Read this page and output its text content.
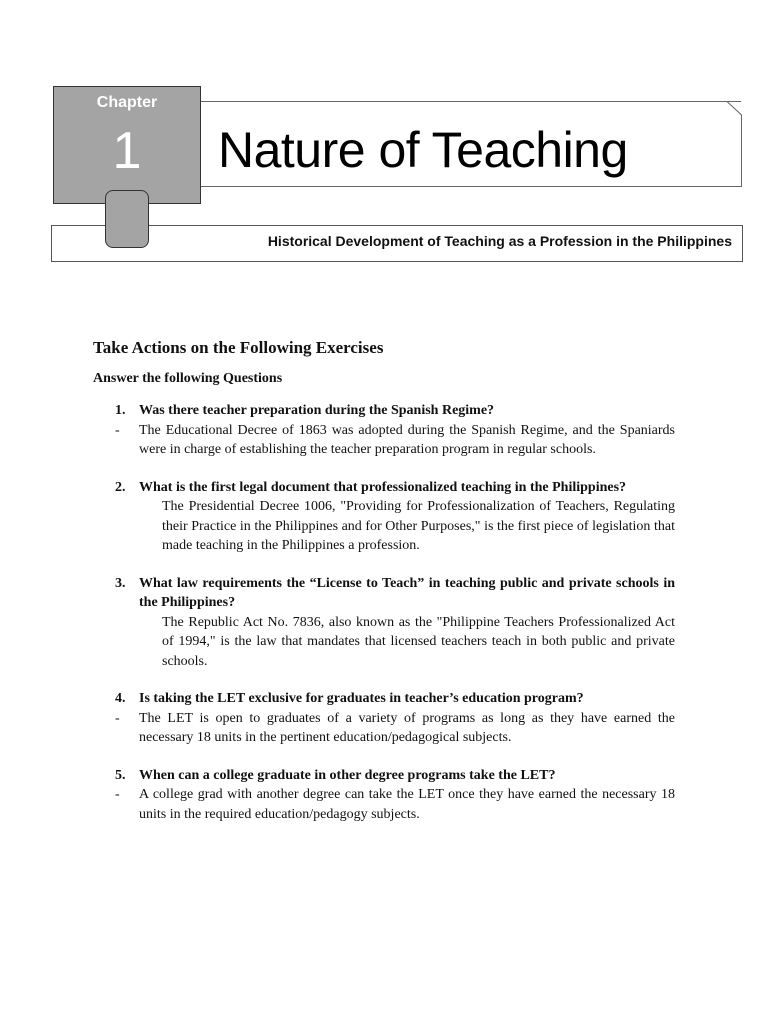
Chapter
1
Historical Development of Teaching as a Profession in the Philippines
Nature of Teaching

Take Actions on the Following Exercises

Answer the following Questions

1. Was there teacher preparation during the Spanish Regime?
- The Educational Decree of 1863 was adopted during the Spanish Regime, and the Spaniards were in charge of establishing the teacher preparation program in regular schools.
2. What is the first legal document that professionalized teaching in the Philippines?
The Presidential Decree 1006, "Providing for Professionalization of Teachers, Regulating their Practice in the Philippines and for Other Purposes," is the first piece of legislation that made teaching in the Philippines a profession.
3. What law requirements the “License to Teach” in teaching public and private schools in the Philippines?
The Republic Act No. 7836, also known as the "Philippine Teachers Professionalized Act of 1994," is the law that mandates that licensed teachers teach in both public and private schools.
4. Is taking the LET exclusive for graduates in teacher’s education program?
- The LET is open to graduates of a variety of programs as long as they have earned the necessary 18 units in the pertinent education/pedagogical subjects.
5. When can a college graduate in other degree programs take the LET?
- A college grad with another degree can take the LET once they have earned the necessary 18 units in the required education/pedagogy subjects.
